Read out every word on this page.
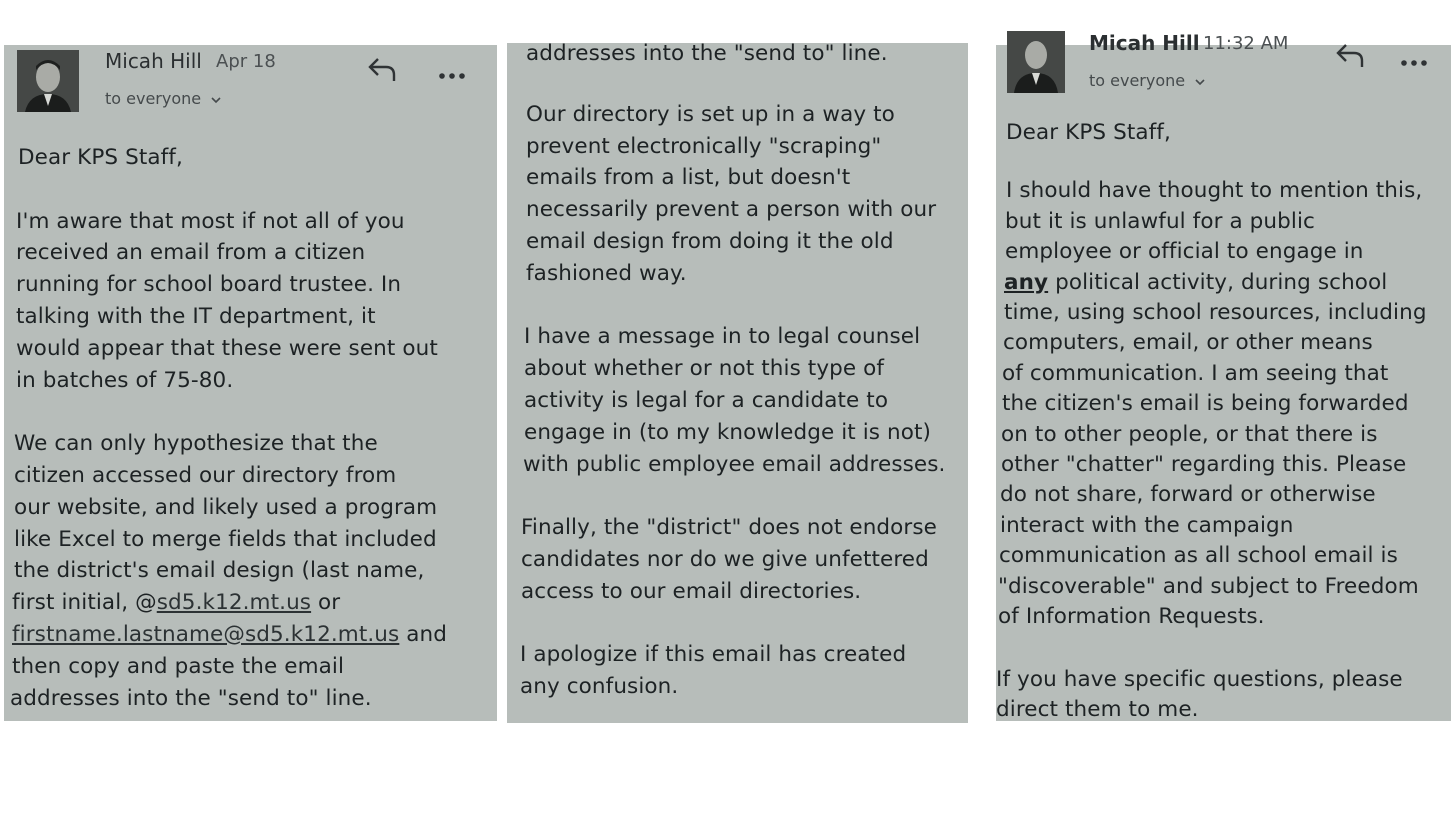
Micah Hill Apr 18
to everyone

Dear KPS Staff,

I'm aware that most if not all of you

received an email from a citizen

running for school board trustee. In

talking with the IT department, it

would appear that these were sent out

in batches of 75-80.

We can only hypothesize that the

citizen accessed our directory from

our website, and likely used a program

like Excel to merge fields that included

the district's email design (last name,

first initial, @sd5.k12.mt.us or

firstname.lastname@sd5.k12.mt.us and

then copy and paste the email

addresses into the "send to" line.

addresses into the "send to" line.

Our directory is set up in a way to

prevent electronically "scraping"

emails from a list, but doesn't

necessarily prevent a person with our

email design from doing it the old

fashioned way.

I have a message in to legal counsel

about whether or not this type of

activity is legal for a candidate to

engage in (to my knowledge it is not)

with public employee email addresses.

Finally, the "district" does not endorse

candidates nor do we give unfettered

access to our email directories.

I apologize if this email has created

any confusion.

Micah Hill 11:32 AM
to everyone

Dear KPS Staff,

I should have thought to mention this,

but it is unlawful for a public

employee or official to engage in

any political activity, during school

time, using school resources, including

computers, email, or other means

of communication. I am seeing that

the citizen's email is being forwarded

on to other people, or that there is

other "chatter" regarding this. Please

do not share, forward or otherwise

interact with the campaign

communication as all school email is

"discoverable" and subject to Freedom

of Information Requests.

If you have specific questions, please

direct them to me.
